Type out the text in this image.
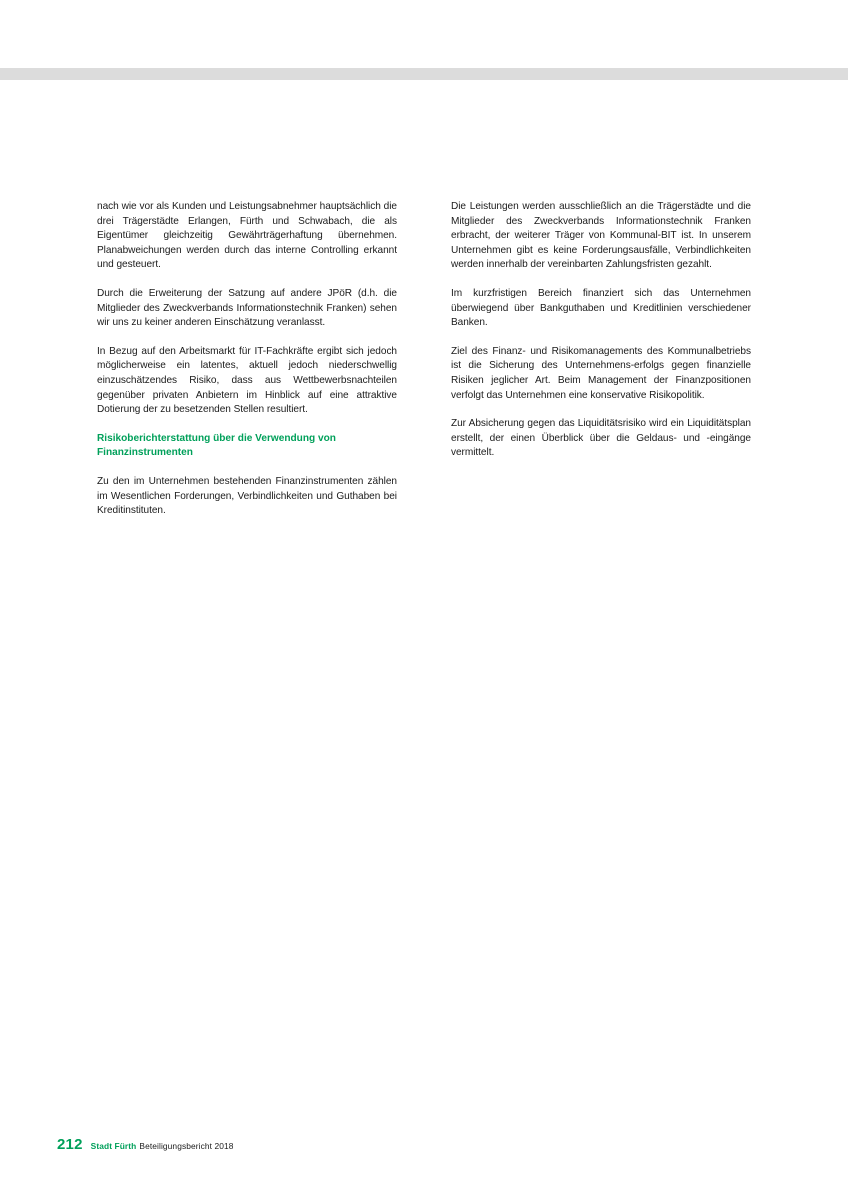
nach wie vor als Kunden und Leistungsabnehmer hauptsächlich die drei Trägerstädte Erlangen, Fürth und Schwabach, die als Eigentümer gleichzeitig Gewährträgerhaftung übernehmen. Planabweichungen werden durch das interne Controlling erkannt und gesteuert.

Durch die Erweiterung der Satzung auf andere JPöR (d.h. die Mitglieder des Zweckverbands Informationstechnik Franken) sehen wir uns zu keiner anderen Einschätzung veranlasst.

In Bezug auf den Arbeitsmarkt für IT-Fachkräfte ergibt sich jedoch möglicherweise ein latentes, aktuell jedoch niederschwellig einzuschätzendes Risiko, dass aus Wettbewerbsnachteilen gegenüber privaten Anbietern im Hinblick auf eine attraktive Dotierung der zu besetzenden Stellen resultiert.

Risikoberichterstattung über die Verwendung von Finanzinstrumenten

Zu den im Unternehmen bestehenden Finanzinstrumenten zählen im Wesentlichen Forderungen, Verbindlichkeiten und Guthaben bei Kreditinstituten.

Die Leistungen werden ausschließlich an die Trägerstädte und die Mitglieder des Zweckverbands Informationstechnik Franken erbracht, der weiterer Träger von Kommunal-BIT ist. In unserem Unternehmen gibt es keine Forderungsausfälle, Verbindlichkeiten werden innerhalb der vereinbarten Zahlungsfristen gezahlt.

Im kurzfristigen Bereich finanziert sich das Unternehmen überwiegend über Bankguthaben und Kreditlinien verschiedener Banken.

Ziel des Finanz- und Risikomanagements des Kommunalbetriebs ist die Sicherung des Unternehmens-erfolgs gegen finanzielle Risiken jeglicher Art. Beim Management der Finanzpositionen verfolgt das Unternehmen eine konservative Risikopolitik.

Zur Absicherung gegen das Liquiditätsrisiko wird ein Liquiditätsplan erstellt, der einen Überblick über die Geldaus- und -eingänge vermittelt.

212 Stadt Fürth Beteiligungsbericht 2018
